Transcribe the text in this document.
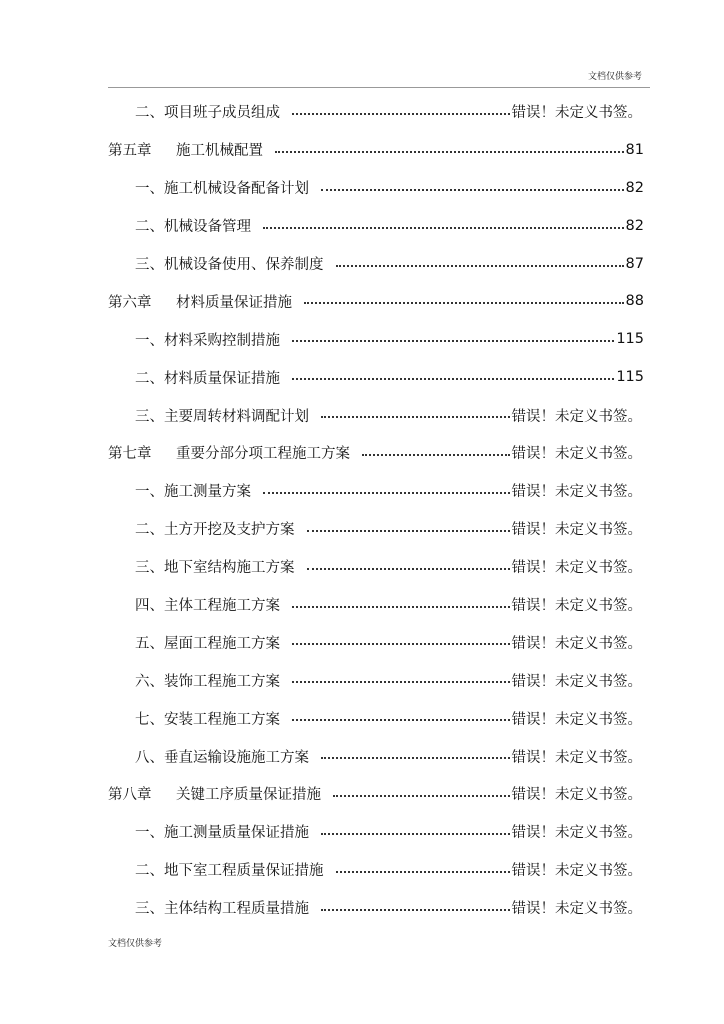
文档仅供参考
二、项目班子成员组成	错误！未定义书签。
第五章 施工机械配置	81
一、施工机械设备配备计划	82
二、机械设备管理	82
三、机械设备使用、保养制度	87
第六章 材料质量保证措施	88
一、材料采购控制措施	115
二、材料质量保证措施	115
三、主要周转材料调配计划	错误！未定义书签。
第七章 重要分部分项工程施工方案	错误！未定义书签。
一、施工测量方案	错误！未定义书签。
二、土方开挖及支护方案	错误！未定义书签。
三、地下室结构施工方案	错误！未定义书签。
四、主体工程施工方案	错误！未定义书签。
五、屋面工程施工方案	错误！未定义书签。
六、装饰工程施工方案	错误！未定义书签。
七、安装工程施工方案	错误！未定义书签。
八、垂直运输设施施工方案	错误！未定义书签。
第八章 关键工序质量保证措施	错误！未定义书签。
一、施工测量质量保证措施	错误！未定义书签。
二、地下室工程质量保证措施	错误！未定义书签。
三、主体结构工程质量措施	错误！未定义书签。
文档仅供参考
